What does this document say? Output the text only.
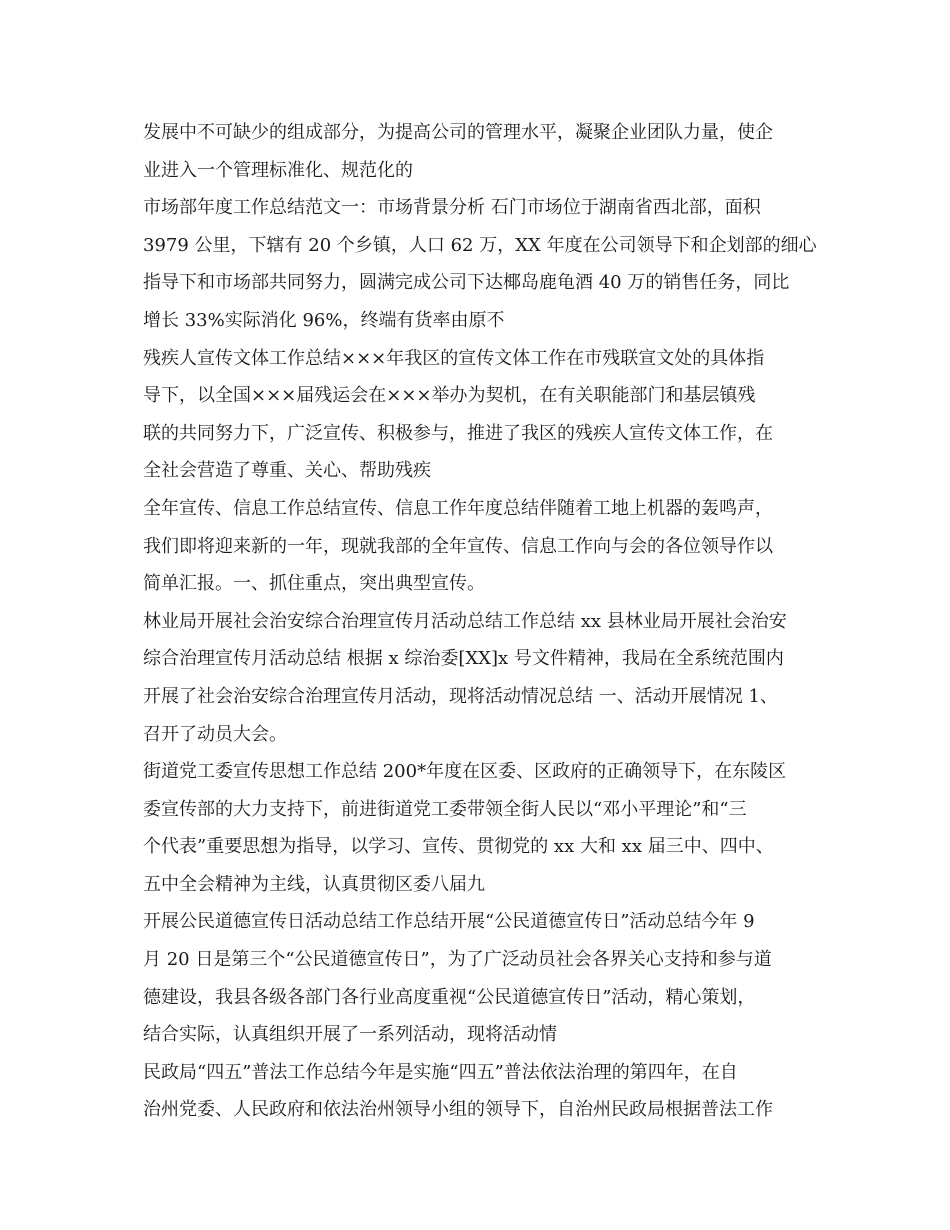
发展中不可缺少的组成部分，为提高公司的管理水平，凝聚企业团队力量，使企
业进入一个管理标准化、规范化的
市场部年度工作总结范文一：市场背景分析 石门市场位于湖南省西北部，面积
3979 公里，下辖有 20 个乡镇，人口 62 万，XX 年度在公司领导下和企划部的细心
指导下和市场部共同努力，圆满完成公司下达椰岛鹿龟酒 40 万的销售任务，同比
增长 33%实际消化 96%，终端有货率由原不
残疾人宣传文体工作总结×××年我区的宣传文体工作在市残联宣文处的具体指
导下，以全国×××届残运会在×××举办为契机，在有关职能部门和基层镇残
联的共同努力下，广泛宣传、积极参与，推进了我区的残疾人宣传文体工作，在
全社会营造了尊重、关心、帮助残疾
全年宣传、信息工作总结宣传、信息工作年度总结伴随着工地上机器的轰鸣声，
我们即将迎来新的一年，现就我部的全年宣传、信息工作向与会的各位领导作以
简单汇报。一、抓住重点，突出典型宣传。
林业局开展社会治安综合治理宣传月活动总结工作总结 xx 县林业局开展社会治安
综合治理宣传月活动总结 根据 x 综治委[XX]x 号文件精神，我局在全系统范围内
开展了社会治安综合治理宣传月活动，现将活动情况总结 一、活动开展情况 1、
召开了动员大会。
街道党工委宣传思想工作总结 200*年度在区委、区政府的正确领导下，在东陵区
委宣传部的大力支持下，前进街道党工委带领全街人民以“邓小平理论”和“三
个代表”重要思想为指导，以学习、宣传、贯彻党的 xx 大和 xx 届三中、四中、
五中全会精神为主线，认真贯彻区委八届九
开展公民道德宣传日活动总结工作总结开展“公民道德宣传日”活动总结今年 9
月 20 日是第三个“公民道德宣传日”，为了广泛动员社会各界关心支持和参与道
德建设，我县各级各部门各行业高度重视“公民道德宣传日”活动，精心策划，
结合实际，认真组织开展了一系列活动，现将活动情
民政局“四五”普法工作总结今年是实施“四五”普法依法治理的第四年，在自
治州党委、人民政府和依法治州领导小组的领导下，自治州民政局根据普法工作
